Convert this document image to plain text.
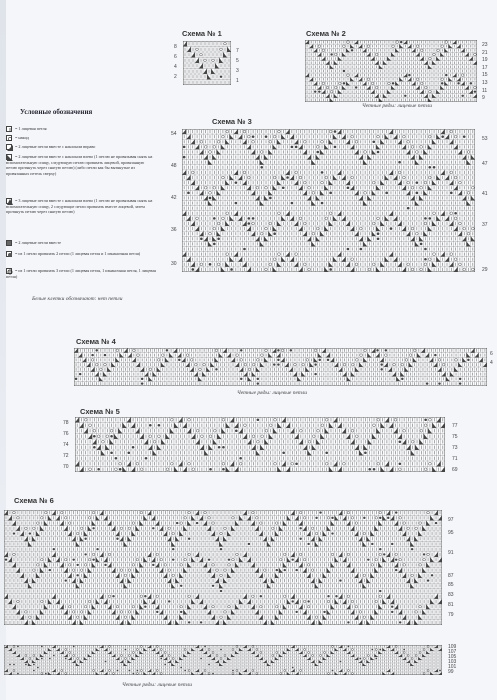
Схема № 1
8
6
4
2
7
5
3
1
Схема № 2
23
21
19
17
15
13
11
9
Четные ряды: лицевые петли
Условные обозначения
= 1 лицевая петля
= накид
= 2 лицевые петли вместе с наклоном вправо
= 2 лицевые петли вместе с наклоном влево (1 петлю не провязывая снять на вспомогательную спицу, следующую петлю провязать лицевой, провязанную петлю протянуть через снятую петлю) (либо петли как бы вытянутые из провязанных петель сверху)
= 3 лицевые петли вместе с наклоном влево (1 петлю не провязывая снять на вспомогательную спицу, 2 следующие петли провязать вместе лицевой, затем протянуть петлю через снятую петлю)
= 2 лицевые петли вместе
= из 1 петли провязать 2 петли (1 лицевая петля и 1 изнаночная петля)
= из 1 петли провязать 3 петли (1 лицевая петля, 1 изнаночная петля, 1 лицевая петля)
Белые клетки обозначают: нет петли
Схема № 3
54
48
42
36
30
53
47
41
37
29
Схема № 4
6
4
Четные ряды: лицевые петли
Схема № 5
78
76
74
72
70
77
75
73
71
69
Схема № 6
97
95
91
87
85
83
81
79
109
107
105
103
101
99
Четные ряды: лицевые петли
